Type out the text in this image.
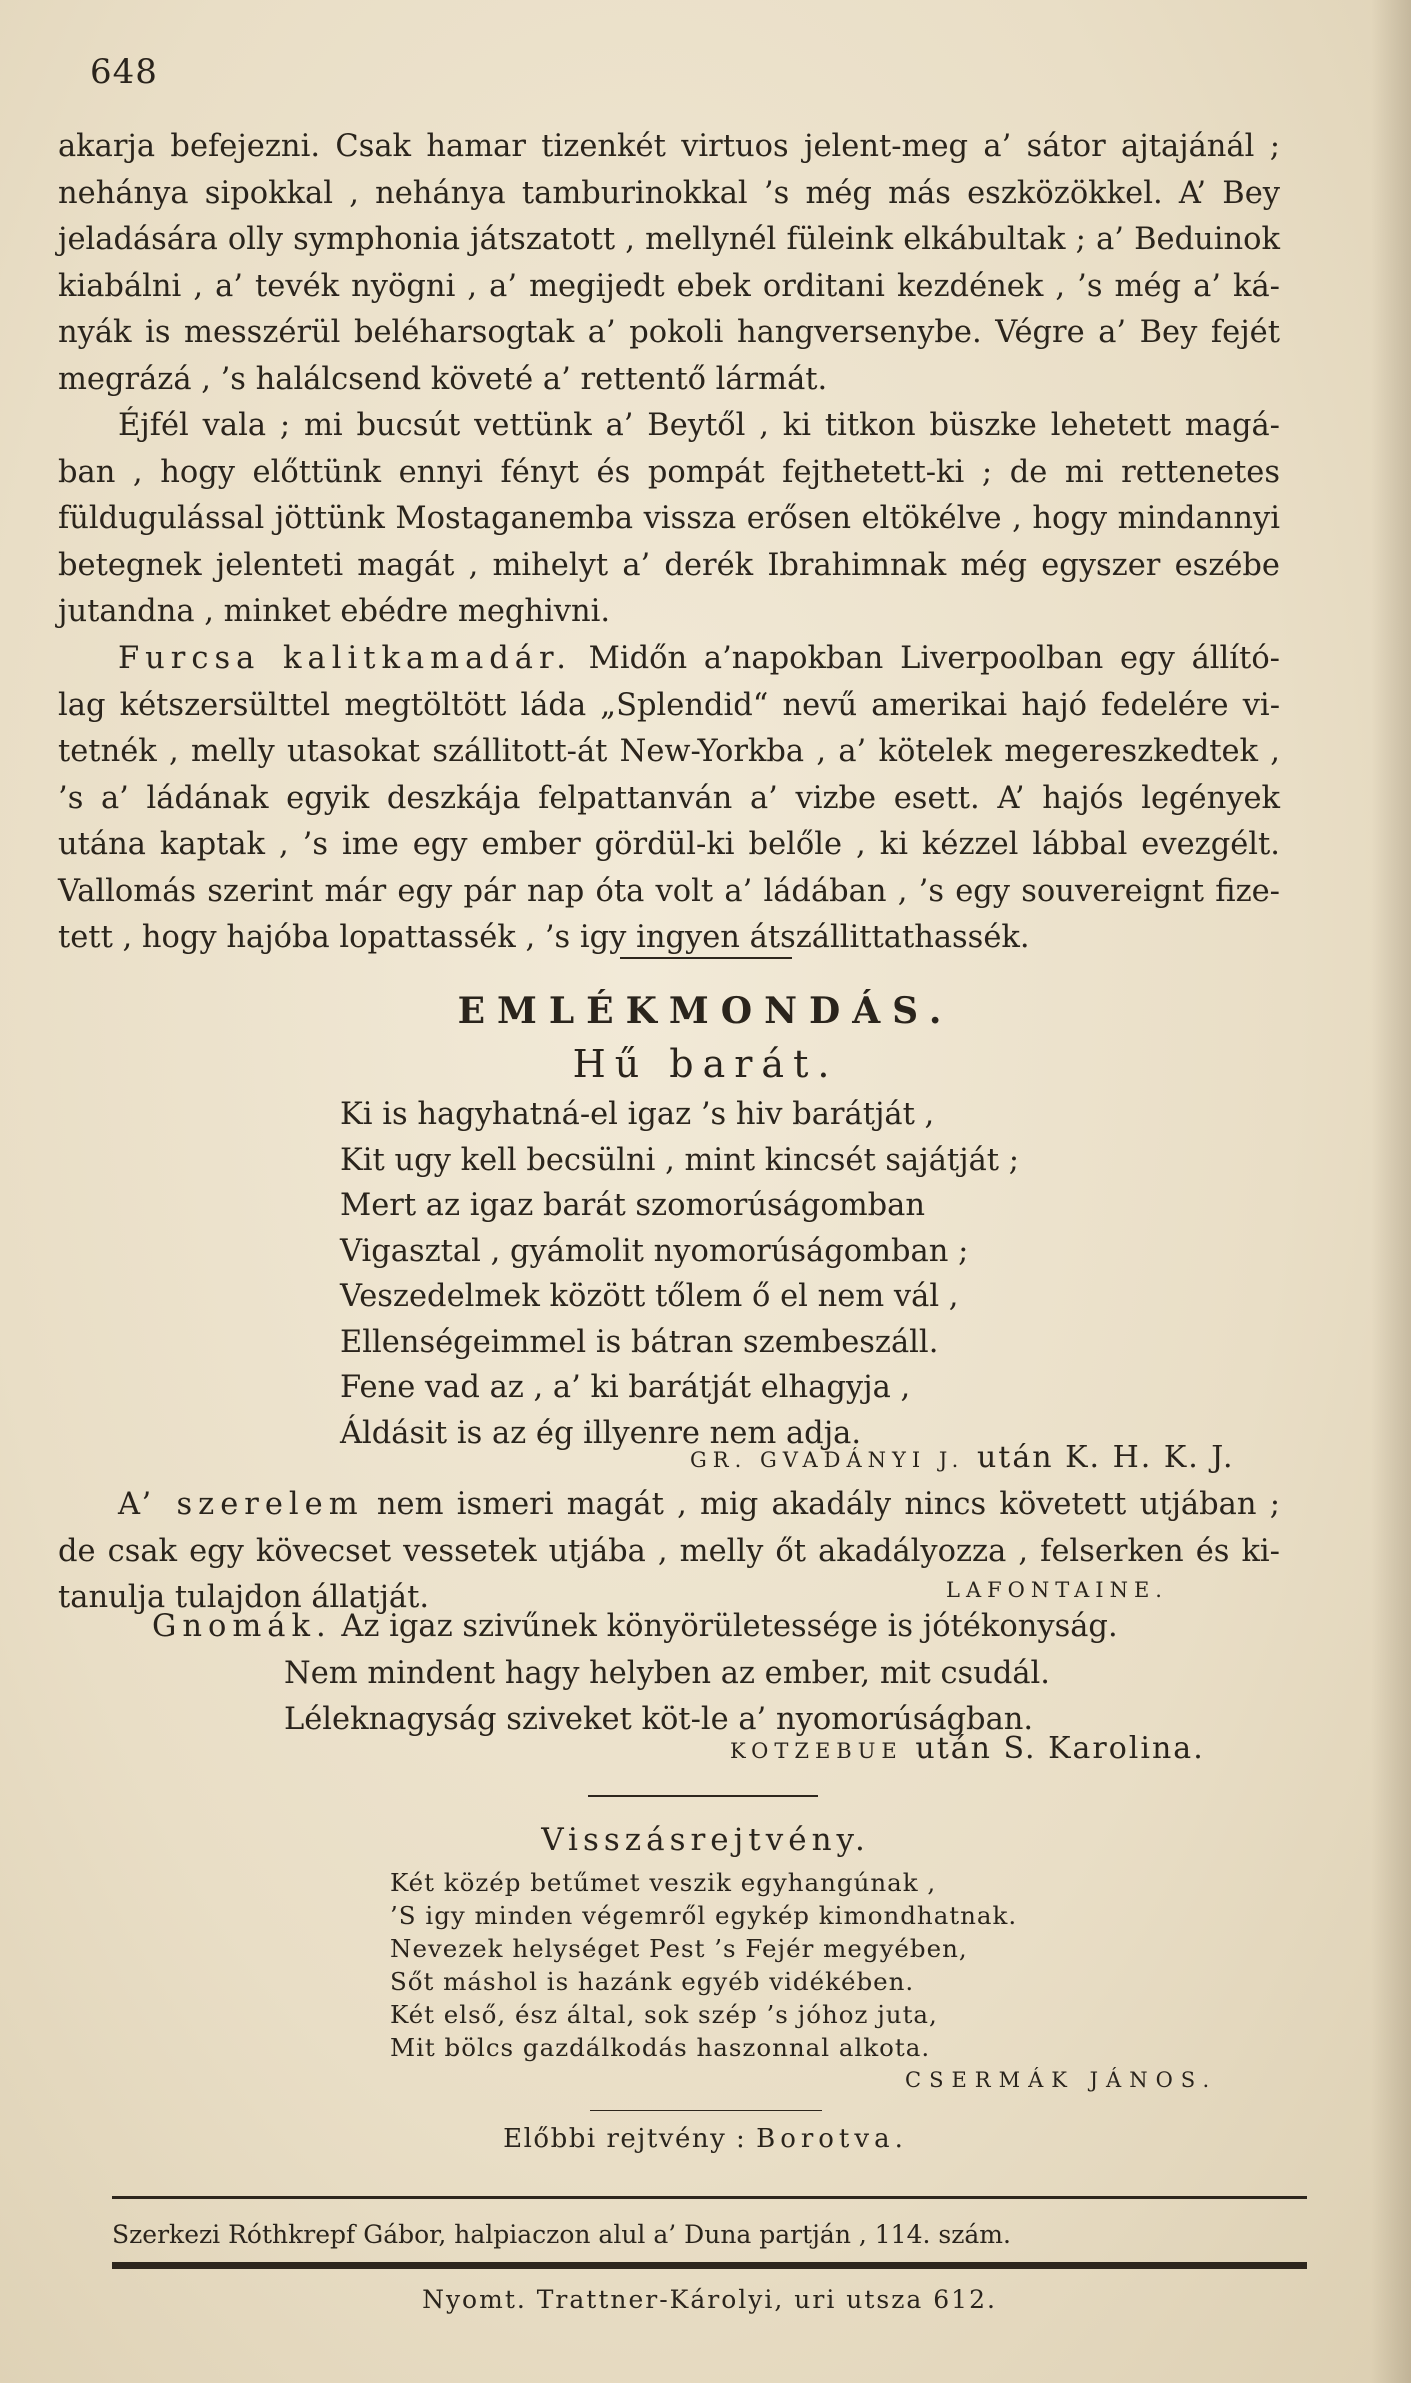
648
akarja befejezni. Csak hamar tizenkét virtuos jelent-meg a’ sátor ajtajánál ;
nehánya sipokkal , nehánya tamburinokkal ’s még más eszközökkel. A’ Bey
jeladására olly symphonia játszatott , mellynél füleink elkábultak ; a’ Beduinok
kiabálni , a’ tevék nyögni , a’ megijedt ebek orditani kezdének , ’s még a’ ká-
nyák is messzérül beléharsogtak a’ pokoli hangversenybe. Végre a’ Bey fejét
megrázá , ’s halálcsend követé a’ rettentő lármát.
Éjfél vala ; mi bucsút vettünk a’ Beytől , ki titkon büszke lehetett magá-
ban , hogy előttünk ennyi fényt és pompát fejthetett-ki ; de mi rettenetes
füldugulással jöttünk Mostaganemba vissza erősen eltökélve , hogy mindannyi
betegnek jelenteti magát , mihelyt a’ derék Ibrahimnak még egyszer eszébe
jutandna , minket ebédre meghivni.
Furcsa kalitkamadár. Midőn a’napokban Liverpoolban egy állító-
lag kétszersülttel megtöltött láda „Splendid“ nevű amerikai hajó fedelére vi-
tetnék , melly utasokat szállitott-át New-Yorkba , a’ kötelek megereszkedtek ,
’s a’ ládának egyik deszkája felpattanván a’ vizbe esett. A’ hajós legények
utána kaptak , ’s ime egy ember gördül-ki belőle , ki kézzel lábbal evezgélt.
Vallomás szerint már egy pár nap óta volt a’ ládában , ’s egy souvereignt fize-
tett , hogy hajóba lopattassék , ’s igy ingyen átszállittathassék.
EMLÉKMONDÁS.
Hű barát.
Ki is hagyhatná-el igaz ’s hiv barátját ,
Kit ugy kell becsülni , mint kincsét sajátját ;
Mert az igaz barát szomorúságomban
Vigasztal , gyámolit nyomorúságomban ;
Veszedelmek között tőlem ő el nem vál ,
Ellenségeimmel is bátran szembeszáll.
Fene vad az , a’ ki barátját elhagyja ,
Áldásit is az ég illyenre nem adja.
GR. GVADÁNYI J. után K. H. K. J.
A’ szerelem nem ismeri magát , mig akadály nincs követett utjában ;
de csak egy kövecset vessetek utjába , melly őt akadályozza , felserken és ki-
tanulja tulajdon állatját.	LAFONTAINE.
Gnomák. Az igaz szivűnek könyörületessége is jótékonyság.
Nem mindent hagy helyben az ember, mit csudál.
Léleknagyság sziveket köt-le a’ nyomorúságban.
KOTZEBUE után S. Karolina.
Visszásrejtvény.
Két közép betűmet veszik egyhangúnak ,
’S igy minden végemről egykép kimondhatnak.
Nevezek helységet Pest ’s Fejér megyében,
Sőt máshol is hazánk egyéb vidékében.
Két első, ész által, sok szép ’s jóhoz juta,
Mit bölcs gazdálkodás haszonnal alkota.
CSERMÁK JÁNOS.
Előbbi rejtvény : Borotva.
Szerkezi Róthkrepf Gábor, halpiaczon alul a’ Duna partján , 114. szám.
Nyomt. Trattner-Károlyi, uri utsza 612.
